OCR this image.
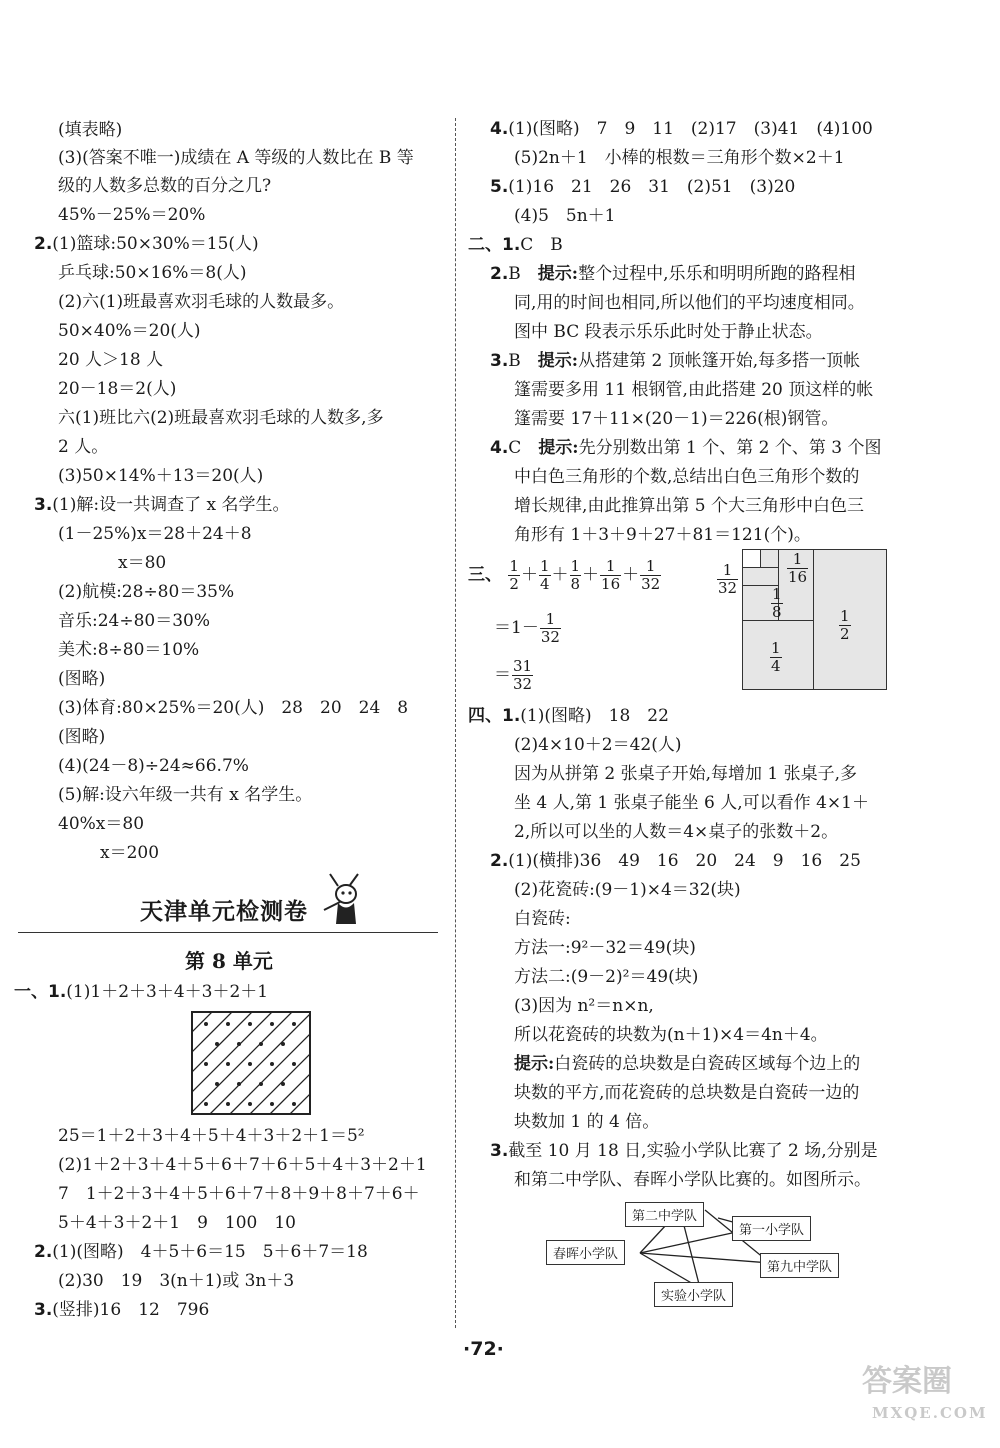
(填表略)
(3)(答案不唯一)成绩在 A 等级的人数比在 B 等
级的人数多总数的百分之几?
45%－25%＝20%
2.(1)篮球:50×30%＝15(人)
乒乓球:50×16%＝8(人)
(2)六(1)班最喜欢羽毛球的人数最多。
50×40%＝20(人)
20 人＞18 人
20－18＝2(人)
六(1)班比六(2)班最喜欢羽毛球的人数多,多
2 人。
(3)50×14%＋13＝20(人)
3.(1)解:设一共调查了 x 名学生。
(1－25%)x＝28＋24＋8
x＝80
(2)航模:28÷80＝35%
音乐:24÷80＝30%
美术:8÷80＝10%
(图略)
(3)体育:80×25%＝20(人)　28　20　24　8
(图略)
(4)(24－8)÷24≈66.7%
(5)解:设六年级一共有 x 名学生。
40%x＝80
x＝200
天津单元检测卷
第 8 单元
一、1.(1)1＋2＋3＋4＋3＋2＋1
25＝1＋2＋3＋4＋5＋4＋3＋2＋1＝5²
(2)1＋2＋3＋4＋5＋6＋7＋6＋5＋4＋3＋2＋1
7　1＋2＋3＋4＋5＋6＋7＋8＋9＋8＋7＋6＋
5＋4＋3＋2＋1　9　100　10
2.(1)(图略)　4＋5＋6＝15　5＋6＋7＝18
(2)30　19　3(n＋1)或 3n＋3
3.(竖排)16　12　796
4.(1)(图略)　7　9　11　(2)17　(3)41　(4)100
(5)2n＋1　小棒的根数＝三角形个数×2＋1
5.(1)16　21　26　31　(2)51　(3)20
(4)5　5n＋1
二、1.C　B
2.B　提示:整个过程中,乐乐和明明所跑的路程相
同,用的时间也相同,所以他们的平均速度相同。
图中 BC 段表示乐乐此时处于静止状态。
3.B　提示:从搭建第 2 顶帐篷开始,每多搭一顶帐
篷需要多用 11 根钢管,由此搭建 20 顶这样的帐
篷需要 17＋11×(20－1)＝226(根)钢管。
4.C　提示:先分别数出第 1 个、第 2 个、第 3 个图
中白色三角形的个数,总结出白色三角形个数的
增长规律,由此推算出第 5 个大三角形中白色三
角形有 1＋3＋9＋27＋81＝121(个)。
三、 $\frac{1}{2} + \frac{1}{4} + \frac{1}{8} + \frac{1}{16} + \frac{1}{32}$
$=1- \frac{1}{32}$
＝ $\frac{31}{32}$
$\frac{1}{2}$
$\frac{1}{4}$
$\frac{1}{8}$
$\frac{1}{16}$
$\frac{1}{32}$
四、1.(1)(图略)　18　22
(2)4×10＋2＝42(人)
因为从拼第 2 张桌子开始,每增加 1 张桌子,多
坐 4 人,第 1 张桌子能坐 6 人,可以看作 4×1＋
2,所以可以坐的人数＝4×桌子的张数＋2。
2.(1)(横排)36　49　16　20　24　9　16　25
(2)花瓷砖:(9－1)×4＝32(块)
白瓷砖:
方法一:9²－32＝49(块)
方法二:(9－2)²＝49(块)
(3)因为 n²＝n×n,
所以花瓷砖的块数为(n＋1)×4＝4n＋4。
提示:白瓷砖的总块数是白瓷砖区域每个边上的
块数的平方,而花瓷砖的总块数是白瓷砖一边的
块数加 1 的 4 倍。
3.截至 10 月 18 日,实验小学队比赛了 2 场,分别是
和第二中学队、春晖小学队比赛的。如图所示。
第二中学队
第一小学队
春晖小学队
第九中学队
实验小学队
·72·
答案圈
MXQE.COM
